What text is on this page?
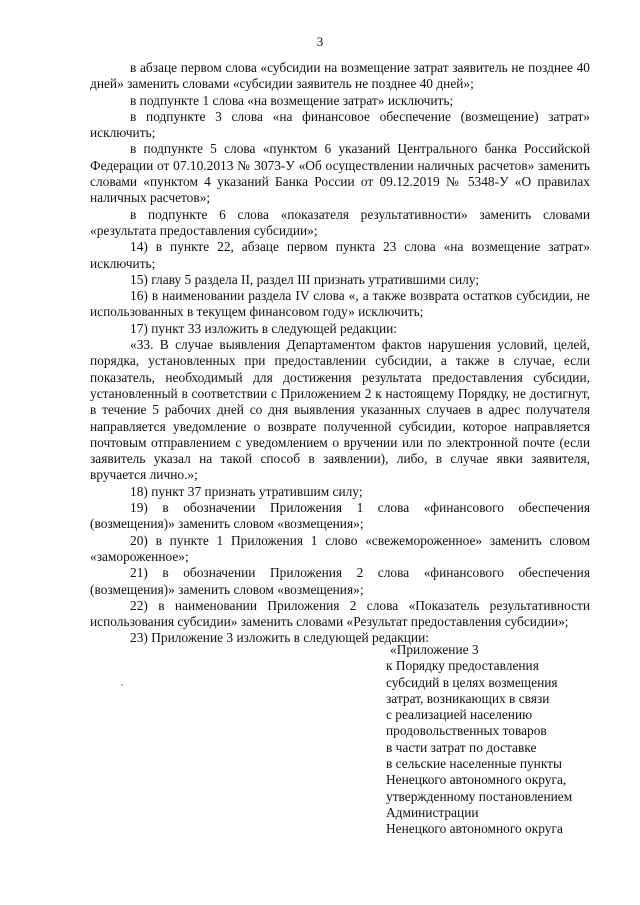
3

в абзаце первом слова «субсидии на возмещение затрат заявитель не позднее 40 дней» заменить словами «субсидии заявитель не позднее 40 дней»;

в подпункте 1 слова «на возмещение затрат» исключить;

в подпункте 3 слова «на финансовое обеспечение (возмещение) затрат» исключить;

в подпункте 5 слова «пунктом 6 указаний Центрального банка Российской Федерации от 07.10.2013 № 3073-У «Об осуществлении наличных расчетов» заменить словами «пунктом 4 указаний Банка России от 09.12.2019 № 5348-У «О правилах наличных расчетов»;

в подпункте 6 слова «показателя результативности» заменить словами «результата предоставления субсидии»;

14) в пункте 22, абзаце первом пункта 23 слова «на возмещение затрат» исключить;

15) главу 5 раздела II, раздел III признать утратившими силу;

16) в наименовании раздела IV слова «, а также возврата остатков субсидии, не использованных в текущем финансовом году» исключить;

17) пункт 33 изложить в следующей редакции:

«33. В случае выявления Департаментом фактов нарушения условий, целей, порядка, установленных при предоставлении субсидии, а также в случае, если показатель, необходимый для достижения результата предоставления субсидии, установленный в соответствии с Приложением 2 к настоящему Порядку, не достигнут, в течение 5 рабочих дней со дня выявления указанных случаев в адрес получателя направляется уведомление о возврате полученной субсидии, которое направляется почтовым отправлением с уведомлением о вручении или по электронной почте (если заявитель указал на такой способ в заявлении), либо, в случае явки заявителя, вручается лично.»;

18) пункт 37 признать утратившим силу;

19) в обозначении Приложения 1 слова «финансового обеспечения (возмещения)» заменить словом «возмещения»;

20) в пункте 1 Приложения 1 слово «свежемороженное» заменить словом «замороженное»;

21) в обозначении Приложения 2 слова «финансового обеспечения (возмещения)» заменить словом «возмещения»;

22) в наименовании Приложения 2 слова «Показатель результативности использования субсидии» заменить словами «Результат предоставления субсидии»;

23) Приложение 3 изложить в следующей редакции:

«Приложение 3
к Порядку предоставления
субсидий в целях возмещения
затрат, возникающих в связи
с реализацией населению
продовольственных товаров
в части затрат по доставке
в сельские населенные пункты
Ненецкого автономного округа,
утвержденному постановлением
Администрации
Ненецкого автономного округа
